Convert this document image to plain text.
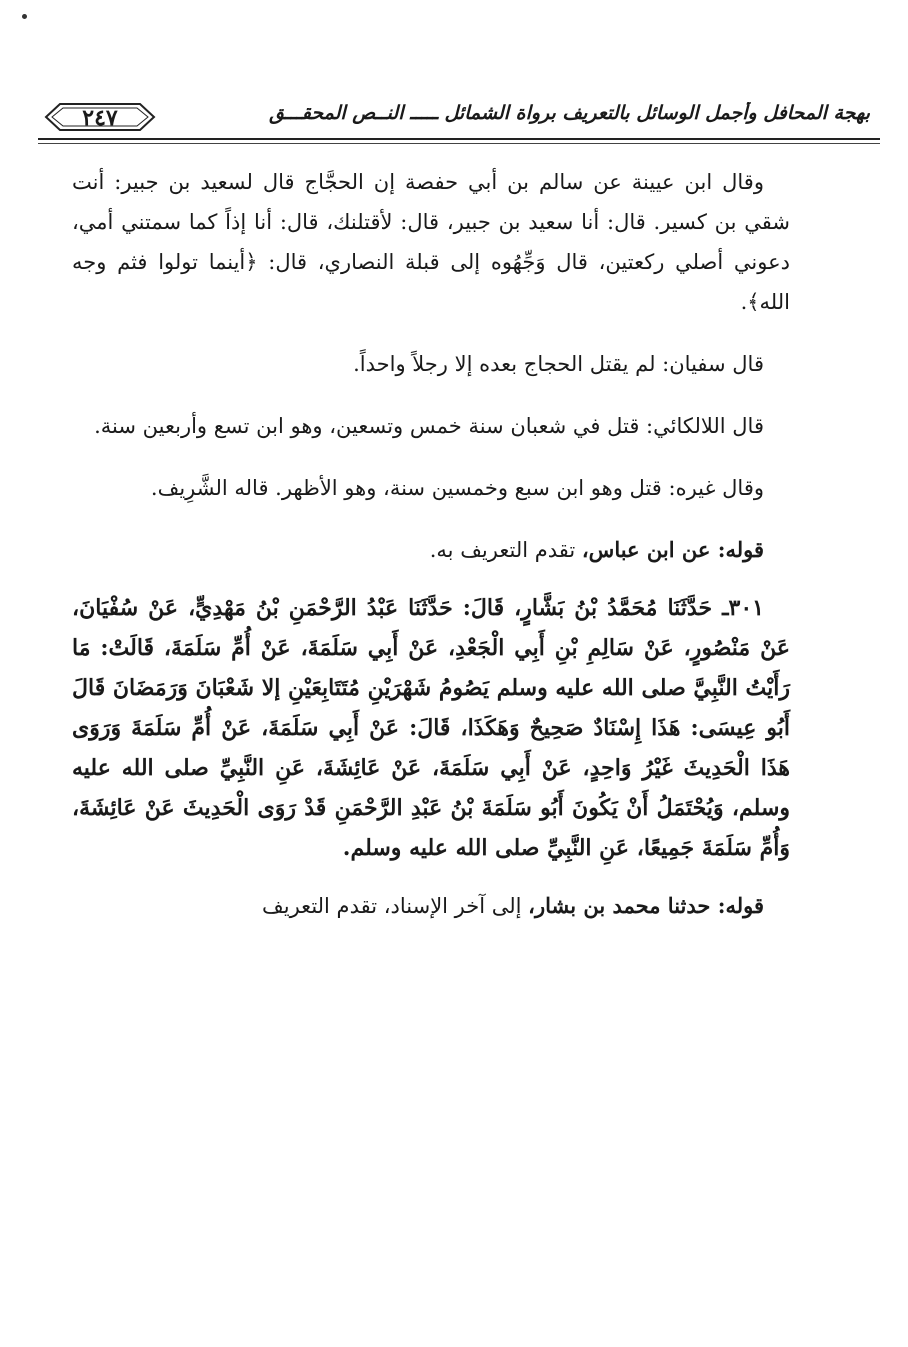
بهجة المحافل وأجمل الوسائل بالتعريف برواة الشمائل ـــــ النــص المحقـــق
٢٤٧

وقال ابن عيينة عن سالم بن أبي حفصة إن الحجَّاج قال لسعيد بن جبير: أنت شقي بن كسير. قال: أنا سعيد بن جبير، قال: لأقتلنك، قال: أنا إذاً كما سمتني أمي، دعوني أصلي ركعتين، قال وَجِّهُوه إلى قبلة النصاري، قال: ﴿أينما تولوا فثم وجه الله﴾.

قال سفيان: لم يقتل الحجاج بعده إلا رجلاً واحداً.

قال اللالكائي: قتل في شعبان سنة خمس وتسعين، وهو ابن تسع وأربعين سنة.

وقال غيره: قتل وهو ابن سبع وخمسين سنة، وهو الأظهر. قاله الشَّرِيف.

قوله: عن ابن عباس، تقدم التعريف به.

٣٠١ـ حَدَّثَنَا مُحَمَّدُ بْنُ بَشَّارٍ، قَالَ: حَدَّثَنَا عَبْدُ الرَّحْمَنِ بْنُ مَهْدِيٍّ، عَنْ سُفْيَانَ، عَنْ مَنْصُورٍ، عَنْ سَالِمِ بْنِ أَبِي الْجَعْدِ، عَنْ أَبِي سَلَمَةَ، عَنْ أُمِّ سَلَمَةَ، قَالَتْ: مَا رَأَيْتُ النَّبِيَّ صلى الله عليه وسلم يَصُومُ شَهْرَيْنِ مُتَتَابِعَيْنِ إلا شَعْبَانَ وَرَمَضَانَ قَالَ أَبُو عِيسَى: هَذَا إِسْنَادٌ صَحِيحٌ وَهَكَذَا، قَالَ: عَنْ أَبِي سَلَمَةَ، عَنْ أُمِّ سَلَمَةَ وَرَوَى هَذَا الْحَدِيثَ غَيْرُ وَاحِدٍ، عَنْ أَبِي سَلَمَةَ، عَنْ عَائِشَةَ، عَنِ النَّبِيِّ صلى الله عليه وسلم، وَيُحْتَمَلُ أَنْ يَكُونَ أَبُو سَلَمَةَ بْنُ عَبْدِ الرَّحْمَنِ قَدْ رَوَى الْحَدِيثَ عَنْ عَائِشَةَ، وَأُمِّ سَلَمَةَ جَمِيعًا، عَنِ النَّبِيِّ صلى الله عليه وسلم.

قوله: حدثنا محمد بن بشار، إلى آخر الإسناد، تقدم التعريف
